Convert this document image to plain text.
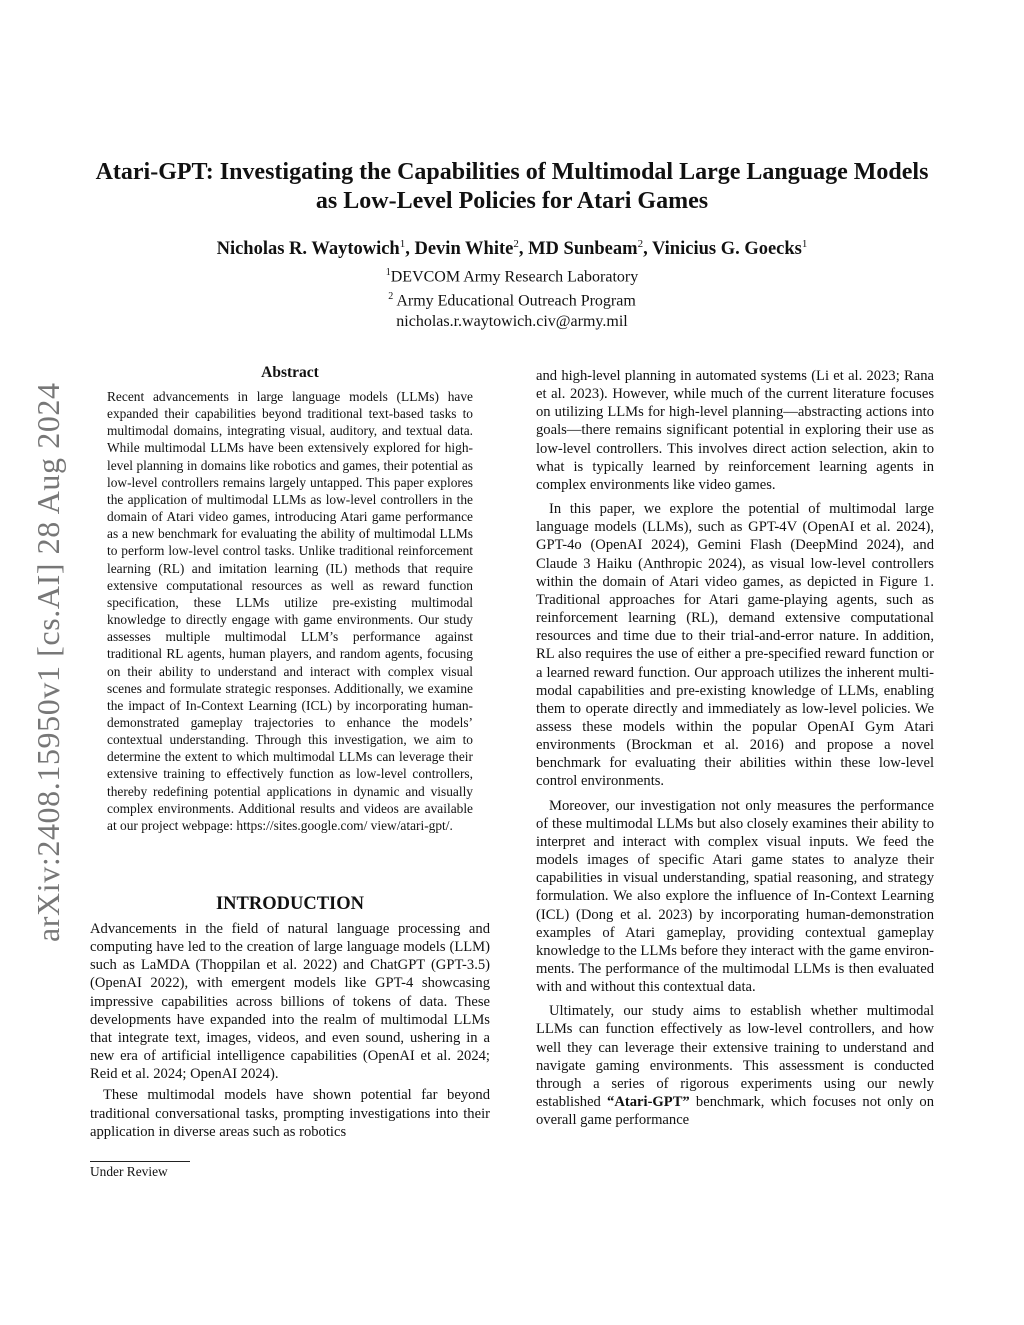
Atari-GPT: Investigating the Capabilities of Multimodal Large Language Models
as Low-Level Policies for Atari Games
Nicholas R. Waytowich$^1$, Devin White$^2$, MD Sunbeam$^2$, Vinicius G. Goecks$^1$
$^1$DEVCOM Army Research Laboratory
$^2$ Army Educational Outreach Program
nicholas.r.waytowich.civ@army.mil
arXiv:2408.15950v1 [cs.AI] 28 Aug 2024
Abstract
Recent advancements in large language models (LLMs) have expanded their capabilities beyond traditional text-based tasks to multimodal domains, integrating visual, auditory, and textual data. While multimodal LLMs have been extensively explored for high-level planning in domains like robotics and games, their potential as low-level controllers remains largely untapped. This paper explores the application of multimodal LLMs as low-level controllers in the domain of Atari video games, introducing Atari game performance as a new benchmark for evaluating the ability of multimodal LLMs to perform low-level control tasks. Unlike traditional reinforcement learning (RL) and imitation learning (IL) methods that require extensive computational resources as well as reward function specification, these LLMs utilize pre-existing multimodal knowledge to directly engage with game environments. Our study assesses multiple multimodal LLM’s performance against traditional RL agents, human players, and random agents, focusing on their ability to understand and interact with complex visual scenes and formulate strategic responses. Additionally, we examine the impact of In-Context Learning (ICL) by incorporating human-demonstrated gameplay trajectories to enhance the models’ contextual understanding. Through this investigation, we aim to determine the extent to which multimodal LLMs can leverage their extensive training to effectively function as low-level controllers, thereby redefining potential applications in dynamic and visually complex environments. Additional results and videos are available at our project webpage: https://sites.google.com/ view/atari-gpt/.
INTRODUCTION

Advancements in the field of natural language processing and computing have led to the creation of large language models (LLM) such as LaMDA (Thoppilan et al. 2022) and ChatGPT (GPT-3.5) (OpenAI 2022), with emergent models like GPT-4 showcasing impressive capabilities across billions of tokens of data. These developments have expanded into the realm of multimodal LLMs that integrate text, images, videos, and even sound, ushering in a new era of artificial intelligence capabilities (OpenAI et al. 2024; Reid et al. 2024; OpenAI 2024).

These multimodal models have shown potential far beyond traditional conversational tasks, prompting investigations into their application in diverse areas such as robotics

and high-level planning in automated systems (Li et al. 2023; Rana et al. 2023). However, while much of the current literature focuses on utilizing LLMs for high-level planning—abstracting actions into goals—there remains significant potential in exploring their use as low-level controllers. This involves direct action selection, akin to what is typically learned by reinforcement learning agents in complex environments like video games.

In this paper, we explore the potential of multimodal large language models (LLMs), such as GPT-4V (OpenAI et al. 2024), GPT-4o (OpenAI 2024), Gemini Flash (DeepMind 2024), and Claude 3 Haiku (Anthropic 2024), as visual low-level controllers within the domain of Atari video games, as depicted in Figure 1. Traditional approaches for Atari game-playing agents, such as reinforcement learning (RL), demand extensive computational resources and time due to their trial-and-error nature. In addition, RL also requires the use of either a pre-specified reward function or a learned reward function. Our approach utilizes the inherent multimodal capabilities and pre-existing knowledge of LLMs, enabling them to operate directly and immediately as low-level policies. We assess these models within the popular OpenAI Gym Atari environments (Brockman et al. 2016) and propose a novel benchmark for evaluating their abilities within these low-level control environments.

Moreover, our investigation not only measures the performance of these multimodal LLMs but also closely examines their ability to interpret and interact with complex visual inputs. We feed the models images of specific Atari game states to analyze their capabilities in visual understanding, spatial reasoning, and strategy formulation. We also explore the influence of In-Context Learning (ICL) (Dong et al. 2023) by incorporating human-demonstration examples of Atari gameplay, providing contextual gameplay knowledge to the LLMs before they interact with the game environments. The performance of the multimodal LLMs is then evaluated with and without this contextual data.

Ultimately, our study aims to establish whether multimodal LLMs can function effectively as low-level controllers, and how well they can leverage their extensive training to understand and navigate gaming environments. This assessment is conducted through a series of rigorous experiments using our newly established “Atari-GPT” benchmark, which focuses not only on overall game performance

Under Review
